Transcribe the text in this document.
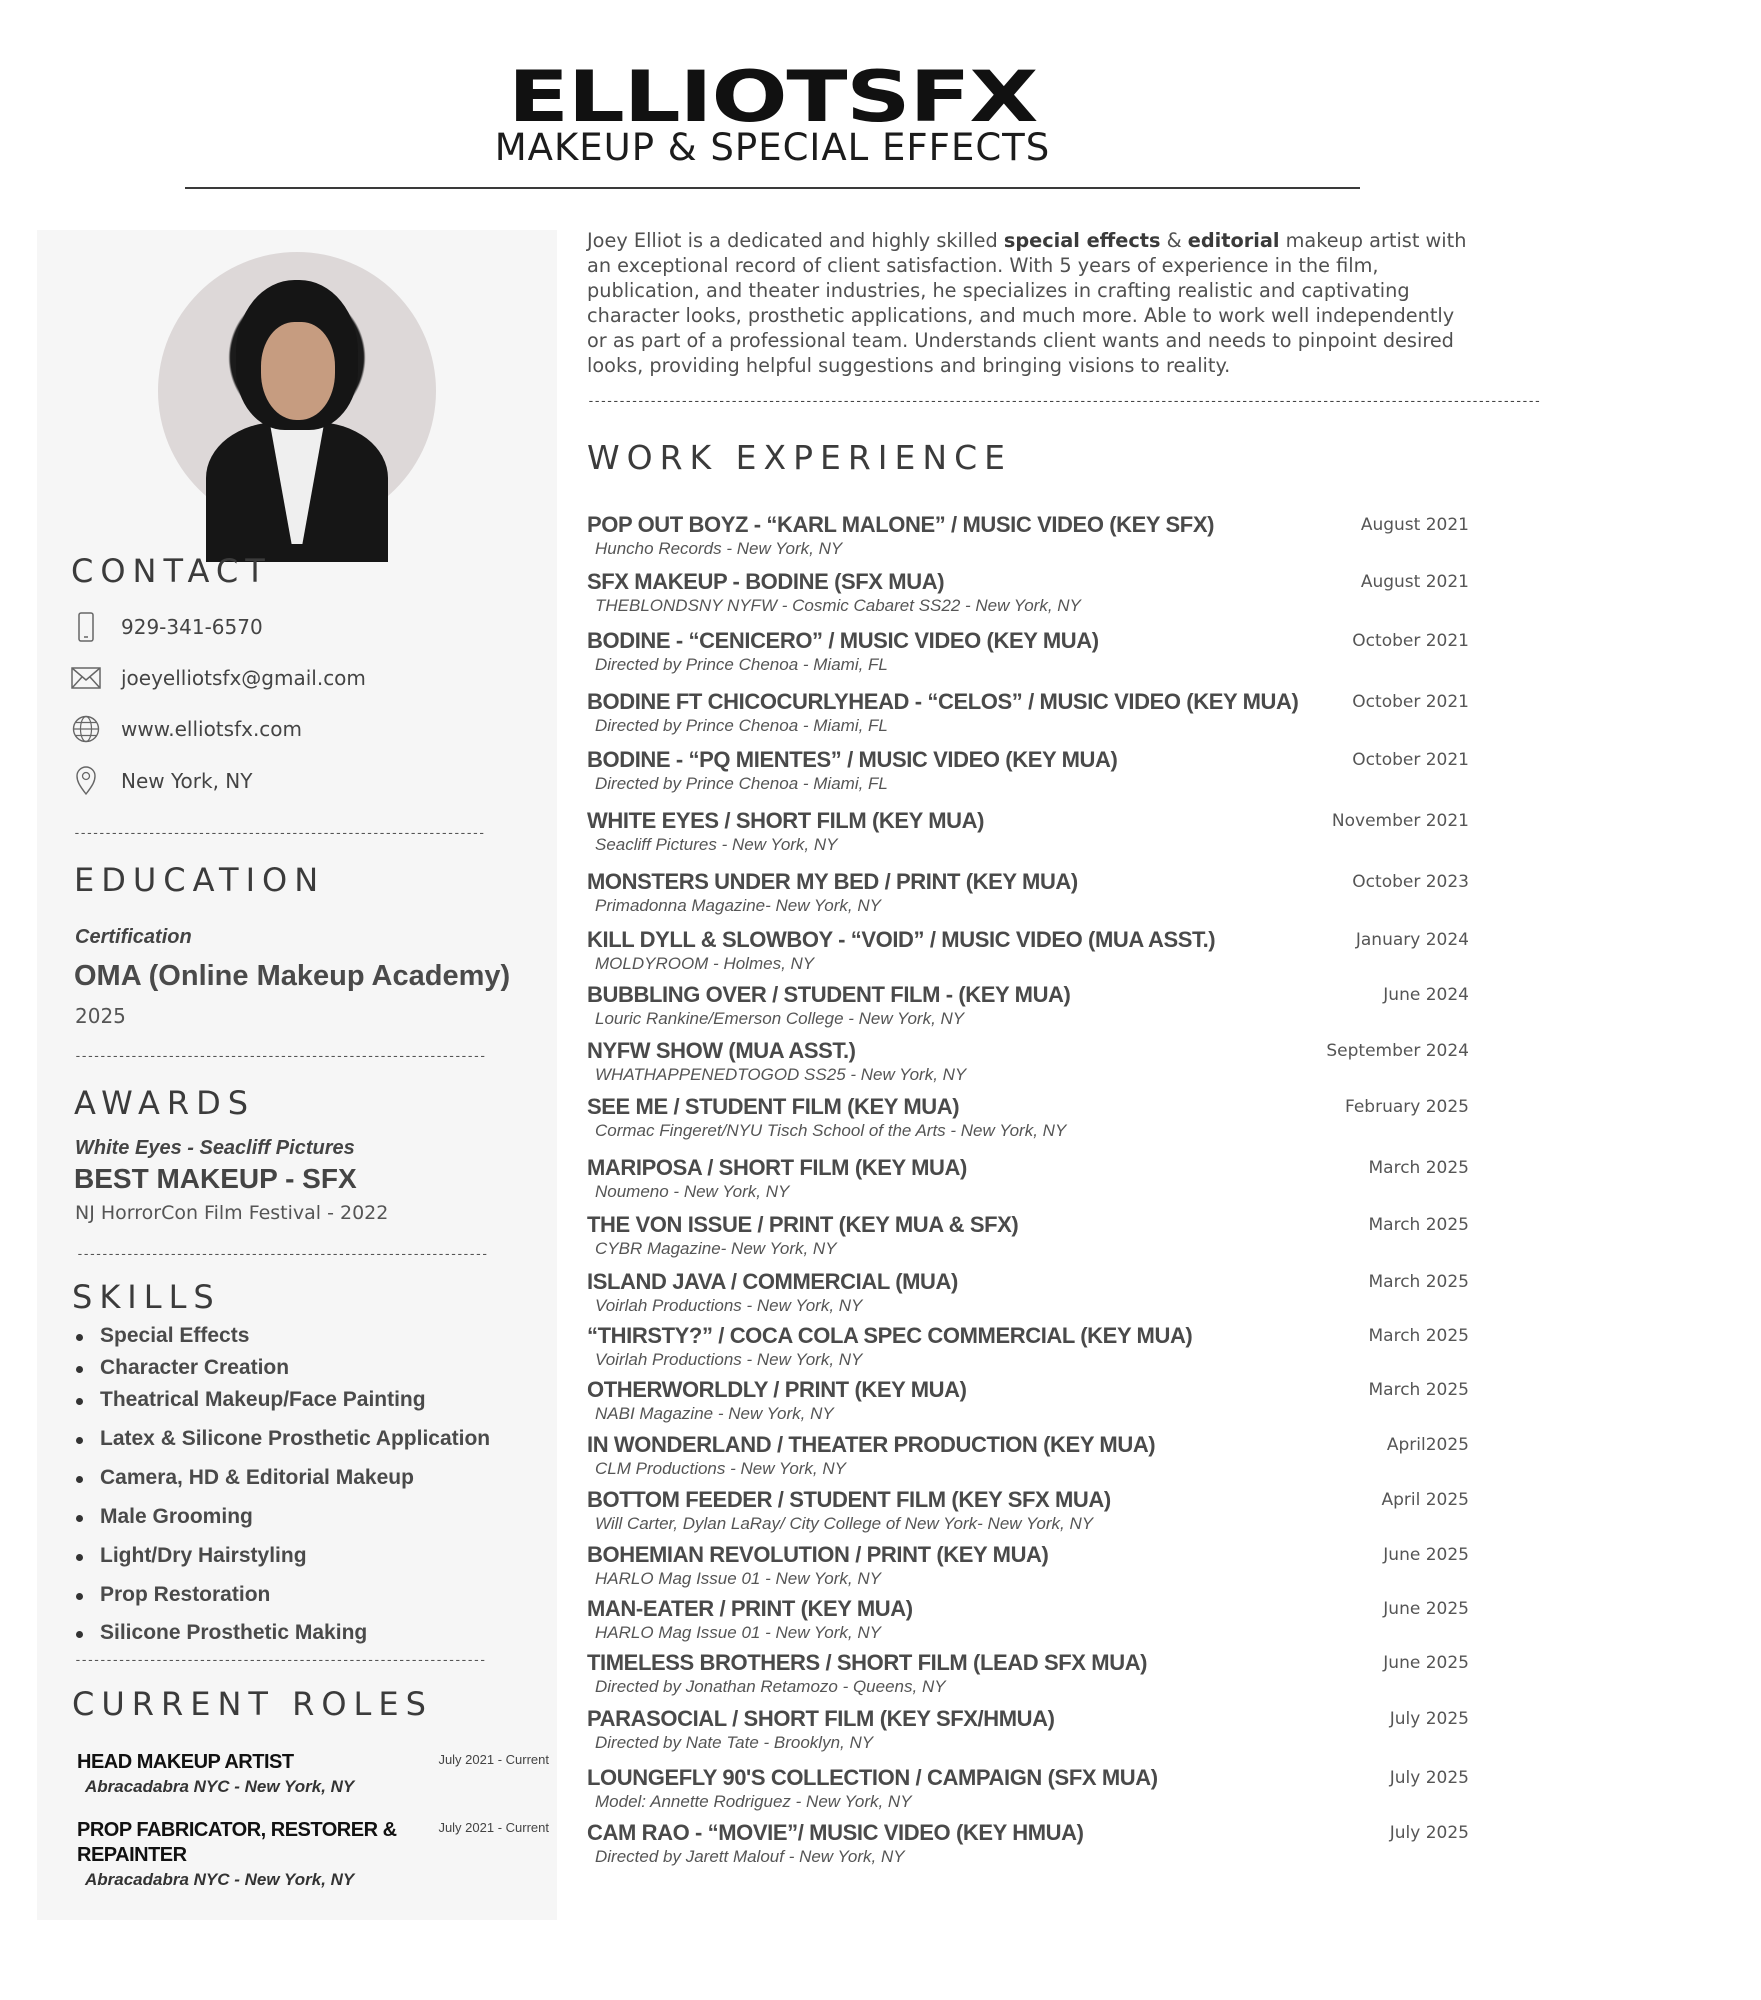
ELLIOTSFX
MAKEUP & SPECIAL EFFECTS
CONTACT
929-341-6570
joeyelliotsfx@gmail.com
www.elliotsfx.com
New York, NY
------------------------------------------------------------------
EDUCATION
Certification
OMA (Online Makeup Academy)
2025
------------------------------------------------------------------
AWARDS
White Eyes - Seacliff Pictures
BEST MAKEUP - SFX
NJ HorrorCon Film Festival - 2022
------------------------------------------------------------------
SKILLS
Special Effects
Character Creation
Theatrical Makeup/Face Painting
Latex & Silicone Prosthetic Application
Camera, HD & Editorial Makeup
Male Grooming
Light/Dry Hairstyling
Prop Restoration
Silicone Prosthetic Making
------------------------------------------------------------------
CURRENT ROLES
HEAD MAKEUP ARTIST	July 2021 - Current
Abracadabra NYC - New York, NY
PROP FABRICATOR, RESTORER & REPAINTER
July 2021 - Current
Abracadabra NYC - New York, NY
Joey Elliot is a dedicated and highly skilled special effects & editorial makeup artist with an exceptional record of client satisfaction. With 5 years of experience in the film, publication, and theater industries, he specializes in crafting realistic and captivating character looks, prosthetic applications, and much more. Able to work well independently or as part of a professional team. Understands client wants and needs to pinpoint desired looks, providing helpful suggestions and bringing visions to reality.
---------------------------------------------------------------------------------------------------------------------------------------------------------
WORK EXPERIENCE
POP OUT BOYZ - “KARL MALONE” / MUSIC VIDEO (KEY SFX)
Huncho Records - New York, NY
August 2021
SFX MAKEUP - BODINE (SFX MUA)
THEBLONDSNY NYFW - Cosmic Cabaret SS22 - New York, NY
August 2021
BODINE - “CENICERO” / MUSIC VIDEO (KEY MUA)
Directed by Prince Chenoa - Miami, FL
October 2021
BODINE FT CHICOCURLYHEAD - “CELOS” / MUSIC VIDEO (KEY MUA)
Directed by Prince Chenoa - Miami, FL
October 2021
BODINE - “PQ MIENTES” / MUSIC VIDEO (KEY MUA)
Directed by Prince Chenoa - Miami, FL
October 2021
WHITE EYES / SHORT FILM (KEY MUA)
Seacliff Pictures - New York, NY
November 2021
MONSTERS UNDER MY BED / PRINT (KEY MUA)
Primadonna Magazine- New York, NY
October 2023
KILL DYLL & SLOWBOY - “VOID” / MUSIC VIDEO (MUA ASST.)
MOLDYROOM - Holmes, NY
January 2024
BUBBLING OVER / STUDENT FILM - (KEY MUA)
Louric Rankine/Emerson College - New York, NY
June 2024
NYFW SHOW (MUA ASST.)
WHATHAPPENEDTOGOD SS25 - New York, NY
September 2024
SEE ME / STUDENT FILM (KEY MUA)
Cormac Fingeret/NYU Tisch School of the Arts - New York, NY
February 2025
MARIPOSA / SHORT FILM (KEY MUA)
Noumeno - New York, NY
March 2025
THE VON ISSUE / PRINT (KEY MUA & SFX)
CYBR Magazine- New York, NY
March 2025
ISLAND JAVA / COMMERCIAL (MUA)
Voirlah Productions - New York, NY
March 2025
“THIRSTY?” / COCA COLA SPEC COMMERCIAL (KEY MUA)
Voirlah Productions - New York, NY
March 2025
OTHERWORLDLY / PRINT (KEY MUA)
NABI Magazine - New York, NY
March 2025
IN WONDERLAND / THEATER PRODUCTION (KEY MUA)
CLM Productions - New York, NY
April2025
BOTTOM FEEDER / STUDENT FILM (KEY SFX MUA)
Will Carter, Dylan LaRay/ City College of New York- New York, NY
April 2025
BOHEMIAN REVOLUTION / PRINT (KEY MUA)
HARLO Mag Issue 01 - New York, NY
June 2025
MAN-EATER / PRINT (KEY MUA)
HARLO Mag Issue 01 - New York, NY
June 2025
TIMELESS BROTHERS / SHORT FILM (LEAD SFX MUA)
Directed by Jonathan Retamozo - Queens, NY
June 2025
PARASOCIAL / SHORT FILM (KEY SFX/HMUA)
Directed by Nate Tate - Brooklyn, NY
July 2025
LOUNGEFLY 90'S COLLECTION / CAMPAIGN (SFX MUA)
Model: Annette Rodriguez - New York, NY
July 2025
CAM RAO - “MOVIE”/ MUSIC VIDEO (KEY HMUA)
Directed by Jarett Malouf - New York, NY
July 2025
